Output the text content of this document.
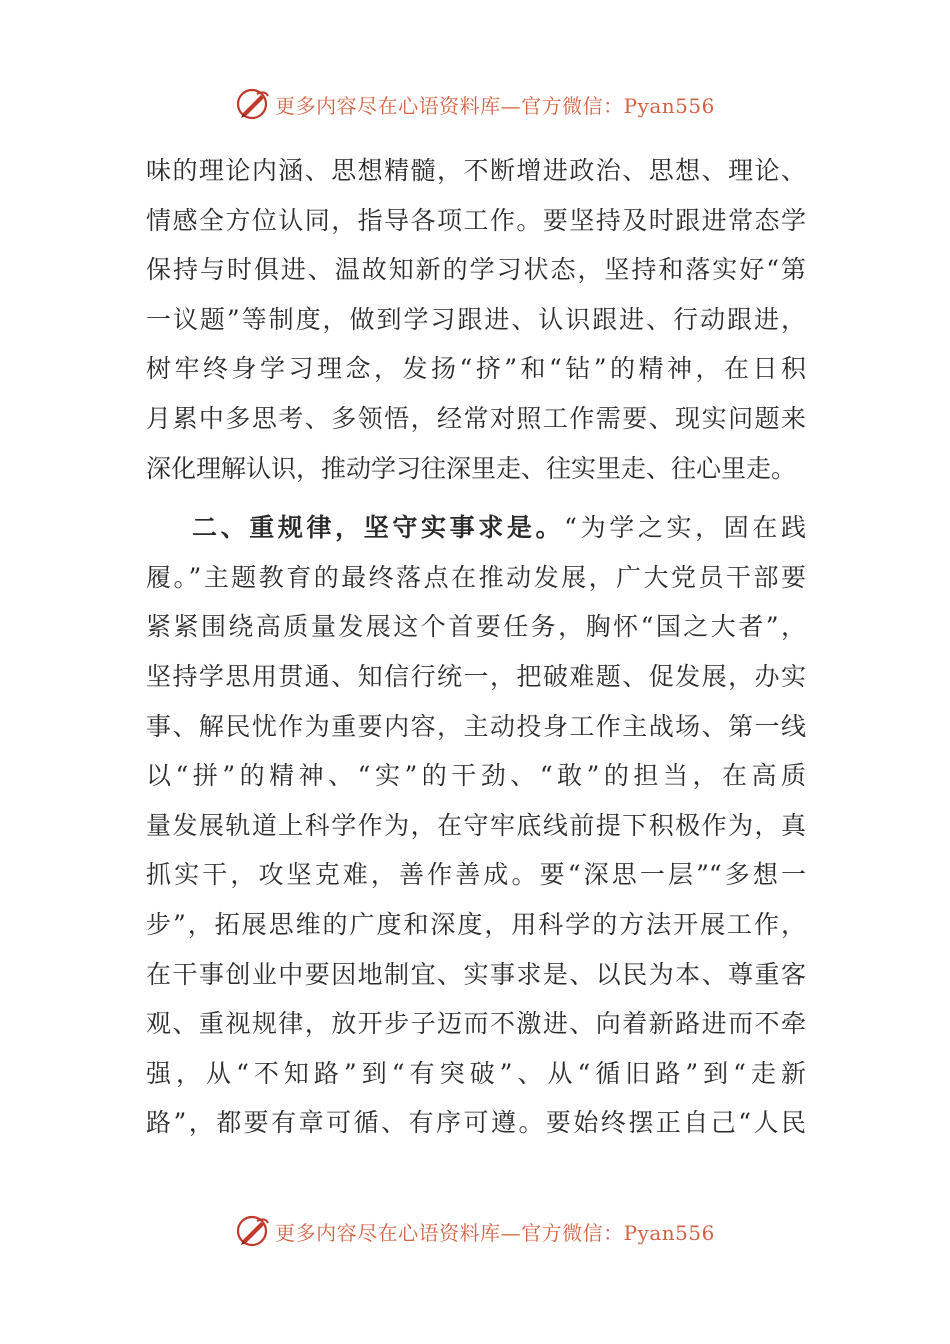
更多内容尽在心语资料库—官方微信：Pyan556
味的理论内涵、思想精髓，不断增进政治、思想、理论、
情感全方位认同，指导各项工作。要坚持及时跟进常态学
保持与时俱进、温故知新的学习状态，坚持和落实好“第
一议题”等制度，做到学习跟进、认识跟进、行动跟进，
树牢终身学习理念，发扬“挤”和“钻”的精神，在日积
月累中多思考、多领悟，经常对照工作需要、现实问题来
深化理解认识，推动学习往深里走、往实里走、往心里走。
二、重规律，坚守实事求是。“为学之实，固在践
履。”主题教育的最终落点在推动发展，广大党员干部要
紧紧围绕高质量发展这个首要任务，胸怀“国之大者”，
坚持学思用贯通、知信行统一，把破难题、促发展，办实
事、解民忧作为重要内容，主动投身工作主战场、第一线
以“拼”的精神、“实”的干劲、“敢”的担当，在高质
量发展轨道上科学作为，在守牢底线前提下积极作为，真
抓实干，攻坚克难，善作善成。要“深思一层”“多想一
步”，拓展思维的广度和深度，用科学的方法开展工作，
在干事创业中要因地制宜、实事求是、以民为本、尊重客
观、重视规律，放开步子迈而不激进、向着新路进而不牵
强，从“不知路”到“有突破”、从“循旧路”到“走新
路”，都要有章可循、有序可遵。要始终摆正自己“人民
更多内容尽在心语资料库—官方微信：Pyan556
